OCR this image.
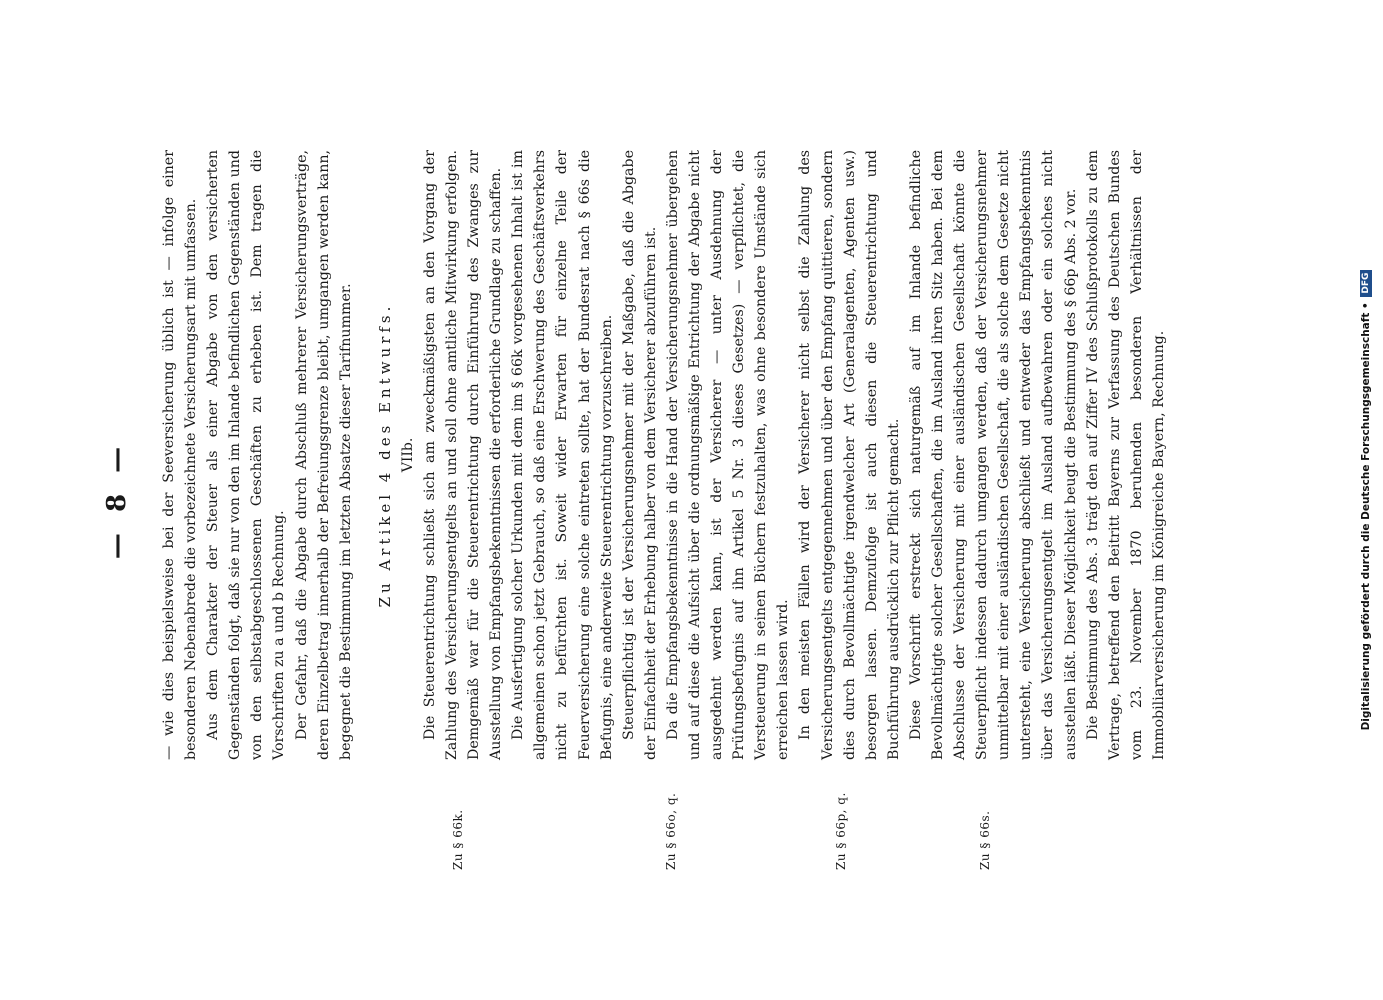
— 8 — — wie dies beispielsweise bei der Seeversicherung üblich ist — infolge einer besonderen Nebenabrede die vorbezeichnete Versicherungsart mit umfassen. Aus dem Charakter der Steuer als einer Abgabe von den versicherten Gegenständen folgt, daß sie nur von den im Inlande befindlichen Gegenständen und von den selbstabgeschlossenen Geschäften zu erheben ist. Dem tragen die Vorschriften zu a und b Rechnung. Der Gefahr, daß die Abgabe durch Abschluß mehrerer Versicherungsverträge, deren Einzelbetrag innerhalb der Befreiungsgrenze bleibt, umgangen werden kann, begegnet die Bestimmung im letzten Absatze dieser Tarifnummer. Zu Artikel 4 des Entwurfs. VIIb. Die Steuerentrichtung schließt sich am zweckmäßigsten an den Vorgang der Zahlung des Versicherungsentgelts an und soll ohne amtliche Mitwirkung erfolgen. Demgemäß war für die Steuerentrichtung durch Einführung des Zwanges zur Ausstellung von Empfangsbekenntnissen die erforderliche Grundlage zu schaffen. Die Ausfertigung solcher Urkunden mit dem im § 66k vorgesehenen Inhalt ist im allgemeinen schon jetzt Gebrauch, so daß eine Erschwerung des Geschäftsverkehrs nicht zu befürchten ist. Soweit wider Erwarten für einzelne Teile der Feuerversicherung eine solche eintreten sollte, hat der Bundesrat nach § 66s die Befugnis, eine anderweite Steuerentrichtung vorzuschreiben. Steuerpflichtig ist der Versicherungsnehmer mit der Maßgabe, daß die Abgabe der Einfachheit der Erhebung halber von dem Versicherer abzuführen ist. Da die Empfangsbekenntnisse in die Hand der Versicherungsnehmer übergehen und auf diese die Aufsicht über die ordnungsmäßige Entrichtung der Abgabe nicht ausgedehnt werden kann, ist der Versicherer — unter Ausdehnung der Prüfungsbefugnis auf ihn Artikel 5 Nr. 3 dieses Gesetzes) — verpflichtet, die Versteuerung in seinen Büchern festzuhalten, was ohne besondere Umstände sich erreichen lassen wird. In den meisten Fällen wird der Versicherer nicht selbst die Zahlung des Versicherungsentgelts entgegennehmen und über den Empfang quittieren, sondern dies durch Bevollmächtigte irgendwelcher Art (Generalagenten, Agenten usw.) besorgen lassen. Demzufolge ist auch diesen die Steuerentrichtung und Buchführung ausdrücklich zur Pflicht gemacht. Diese Vorschrift erstreckt sich naturgemäß auf im Inlande befindliche Bevollmächtigte solcher Gesellschaften, die im Ausland ihren Sitz haben. Bei dem Abschlusse der Versicherung mit einer ausländischen Gesellschaft könnte die Steuerpflicht indessen dadurch umgangen werden, daß der Versicherungsnehmer unmittelbar mit einer ausländischen Gesellschaft, die als solche dem Gesetze nicht untersteht, eine Versicherung abschließt und entweder das Empfangsbekenntnis über das Versicherungsentgelt im Ausland aufbewahren oder ein solches nicht ausstellen läßt. Dieser Möglichkeit beugt die Bestimmung des § 66p Abs. 2 vor. Die Bestimmung des Abs. 3 trägt den auf Ziffer IV des Schlußprotokolls zu dem Vertrage, betreffend den Beitritt Bayerns zur Verfassung des Deutschen Bundes vom 23. November 1870 beruhenden besonderen Verhältnissen der Immobiliarversicherung im Königreiche Bayern, Rechnung.

Zu § 66k.	Zu § 66o, q.	Zu § 66p, q.	Zu § 66s.
Digitalisierung gefördert durch die Deutsche Forschungsgemeinschaft • DFG
